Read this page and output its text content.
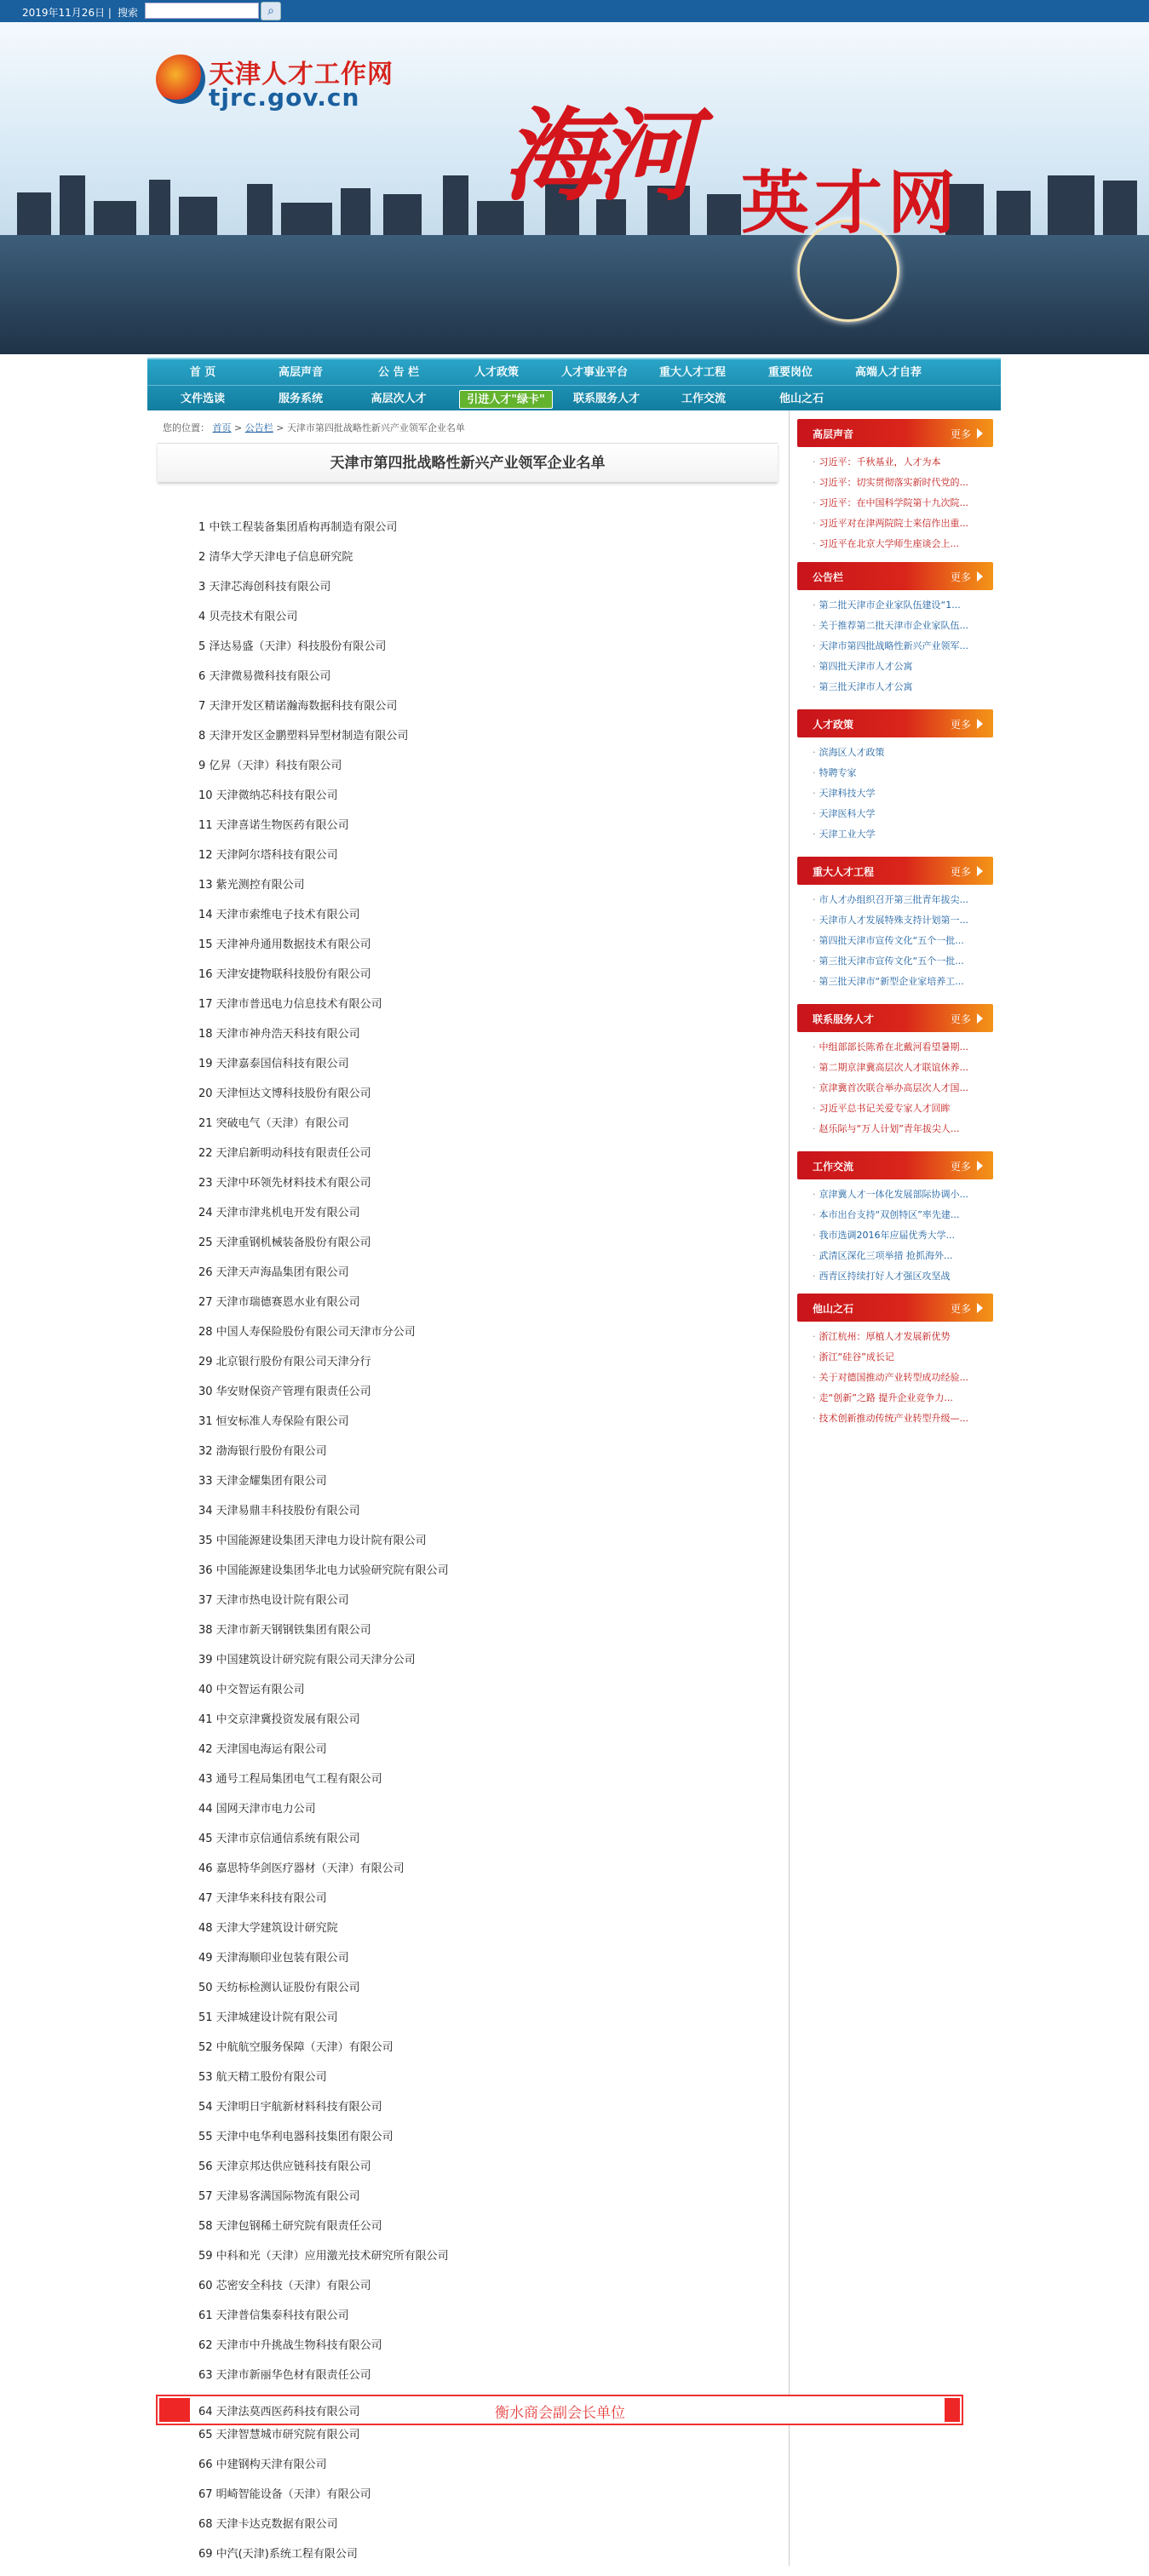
2019年11月26日 | 搜索	⌕
天津人才工作网
tjrc.gov.cn 海河 英才网
首 页	高层声音	公 告 栏	人才政策	人才事业平台	重大人才工程	重要岗位	高端人才自荐
文件选读	服务系统	高层次人才	引进人才"绿卡"	联系服务人才	工作交流	他山之石
您的位置： 首页 > 公告栏 > 天津市第四批战略性新兴产业领军企业名单
天津市第四批战略性新兴产业领军企业名单
1 中铁工程装备集团盾构再制造有限公司
2 清华大学天津电子信息研究院
3 天津芯海创科技有限公司
4 贝壳技术有限公司
5 泽达易盛（天津）科技股份有限公司
6 天津微易微科技有限公司
7 天津开发区精诺瀚海数据科技有限公司
8 天津开发区金鹏塑料异型材制造有限公司
9 亿昇（天津）科技有限公司
10 天津微纳芯科技有限公司
11 天津喜诺生物医药有限公司
12 天津阿尔塔科技有限公司
13 紫光测控有限公司
14 天津市索维电子技术有限公司
15 天津神舟通用数据技术有限公司
16 天津安捷物联科技股份有限公司
17 天津市普迅电力信息技术有限公司
18 天津市神舟浩天科技有限公司
19 天津嘉泰国信科技有限公司
20 天津恒达文博科技股份有限公司
21 突破电气（天津）有限公司
22 天津启新明动科技有限责任公司
23 天津中环领先材料技术有限公司
24 天津市津兆机电开发有限公司
25 天津重钢机械装备股份有限公司
26 天津天声海晶集团有限公司
27 天津市瑞德赛恩水业有限公司
28 中国人寿保险股份有限公司天津市分公司
29 北京银行股份有限公司天津分行
30 华安财保资产管理有限责任公司
31 恒安标准人寿保险有限公司
32 渤海银行股份有限公司
33 天津金耀集团有限公司
34 天津易鼎丰科技股份有限公司
35 中国能源建设集团天津电力设计院有限公司
36 中国能源建设集团华北电力试验研究院有限公司
37 天津市热电设计院有限公司
38 天津市新天钢钢铁集团有限公司
39 中国建筑设计研究院有限公司天津分公司
40 中交智运有限公司
41 中交京津冀投资发展有限公司
42 天津国电海运有限公司
43 通号工程局集团电气工程有限公司
44 国网天津市电力公司
45 天津市京信通信系统有限公司
46 嘉思特华剑医疗器材（天津）有限公司
47 天津华来科技有限公司
48 天津大学建筑设计研究院
49 天津海顺印业包装有限公司
50 天纺标检测认证股份有限公司
51 天津城建设计院有限公司
52 中航航空服务保障（天津）有限公司
53 航天精工股份有限公司
54 天津明日宇航新材料科技有限公司
55 天津中电华利电器科技集团有限公司
56 天津京邦达供应链科技有限公司
57 天津易客满国际物流有限公司
58 天津包钢稀土研究院有限责任公司
59 中科和光（天津）应用激光技术研究所有限公司
60 芯密安全科技（天津）有限公司
61 天津普信集泰科技有限公司
62 天津市中升挑战生物科技有限公司
63 天津市新丽华色材有限责任公司
65 天津智慧城市研究院有限公司
66 中建钢构天津有限公司
67 明崎智能设备（天津）有限公司
68 天津卡达克数据有限公司
69 中汽(天津)系统工程有限公司
64 天津法莫西医药科技有限公司	衡水商会副会长单位
高层声音	更多
· 习近平：千秋基业，人才为本
· 习近平：切实贯彻落实新时代党的...
· 习近平：在中国科学院第十九次院...
· 习近平对在津两院院士来信作出重...
· 习近平在北京大学师生座谈会上...
公告栏	更多
· 第二批天津市企业家队伍建设“1...
· 关于推荐第二批天津市企业家队伍...
· 天津市第四批战略性新兴产业领军...
· 第四批天津市人才公寓
· 第三批天津市人才公寓
人才政策	更多
· 滨海区人才政策
· 特聘专家
· 天津科技大学
· 天津医科大学
· 天津工业大学
重大人才工程	更多
· 市人才办组织召开第三批青年拔尖...
· 天津市人才发展特殊支持计划第一...
· 第四批天津市宣传文化“五个一批...
· 第三批天津市宣传文化“五个一批...
· 第三批天津市“新型企业家培养工...
联系服务人才	更多
· 中组部部长陈希在北戴河看望暑期...
· 第二期京津冀高层次人才联谊休养...
· 京津冀首次联合举办高层次人才国...
· 习近平总书记关爱专家人才回眸
· 赵乐际与“万人计划”青年拔尖人...
工作交流	更多
· 京津冀人才一体化发展部际协调小...
· 本市出台支持“双创特区”率先建...
· 我市选调2016年应届优秀大学...
· 武清区深化三项举措 抢抓海外...
· 西青区持续打好人才强区攻坚战
他山之石	更多
· 浙江杭州：厚植人才发展新优势
· 浙江“硅谷”成长记
· 关于对德国推动产业转型成功经验...
· 走“创新”之路 提升企业竞争力...
· 技术创新推动传统产业转型升级—...
